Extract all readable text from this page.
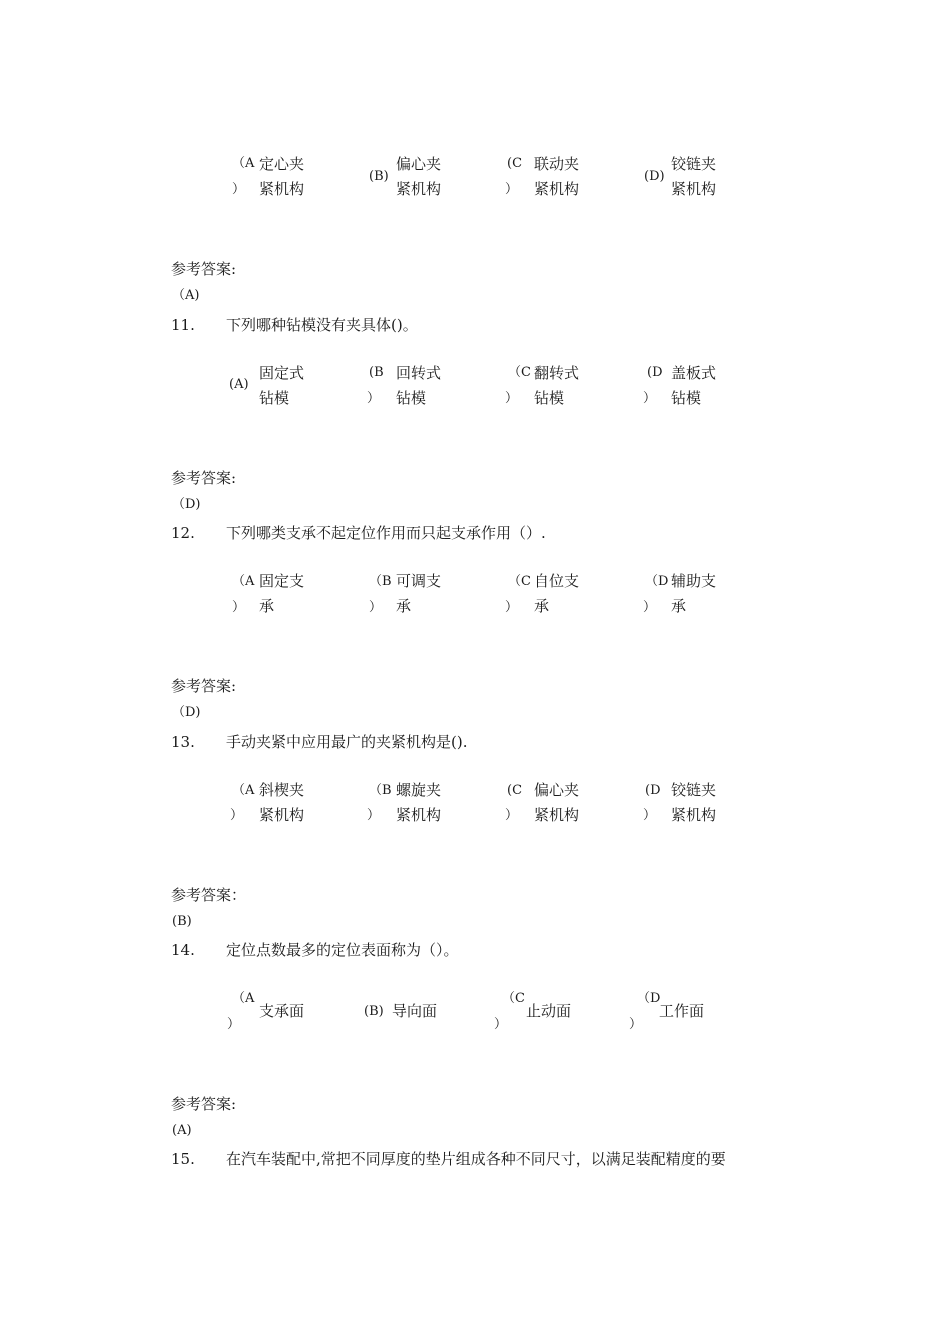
（A
）
定心夹
紧机构
(B)
偏心夹
紧机构
(C
）
联动夹
紧机构
(D)
铰链夹
紧机构
参考答案:
（A)
11. 下列哪种钻模没有夹具体()。
(A)
固定式
钻模
(B
）
回转式
钻模
（C
）
翻转式
钻模
(D
）
盖板式
钻模
参考答案:
（D)
12. 下列哪类支承不起定位作用而只起支承作用（）.
（A
）
固定支
承
（B
）
可调支
承
（C
）
自位支
承
（D
）
辅助支
承
参考答案:
（D)
13. 手动夹紧中应用最广的夹紧机构是().
（A
）
斜楔夹
紧机构
（B
）
螺旋夹
紧机构
(C
）
偏心夹
紧机构
(D
）
铰链夹
紧机构
参考答案：
(B)
14. 定位点数最多的定位表面称为（）。
（A
）
支承面	(B) 导向面
（C
）
止动面
（D
）
工作面
参考答案:
(A)
15. 在汽车装配中,常把不同厚度的垫片组成各种不同尺寸，以满足装配精度的要
